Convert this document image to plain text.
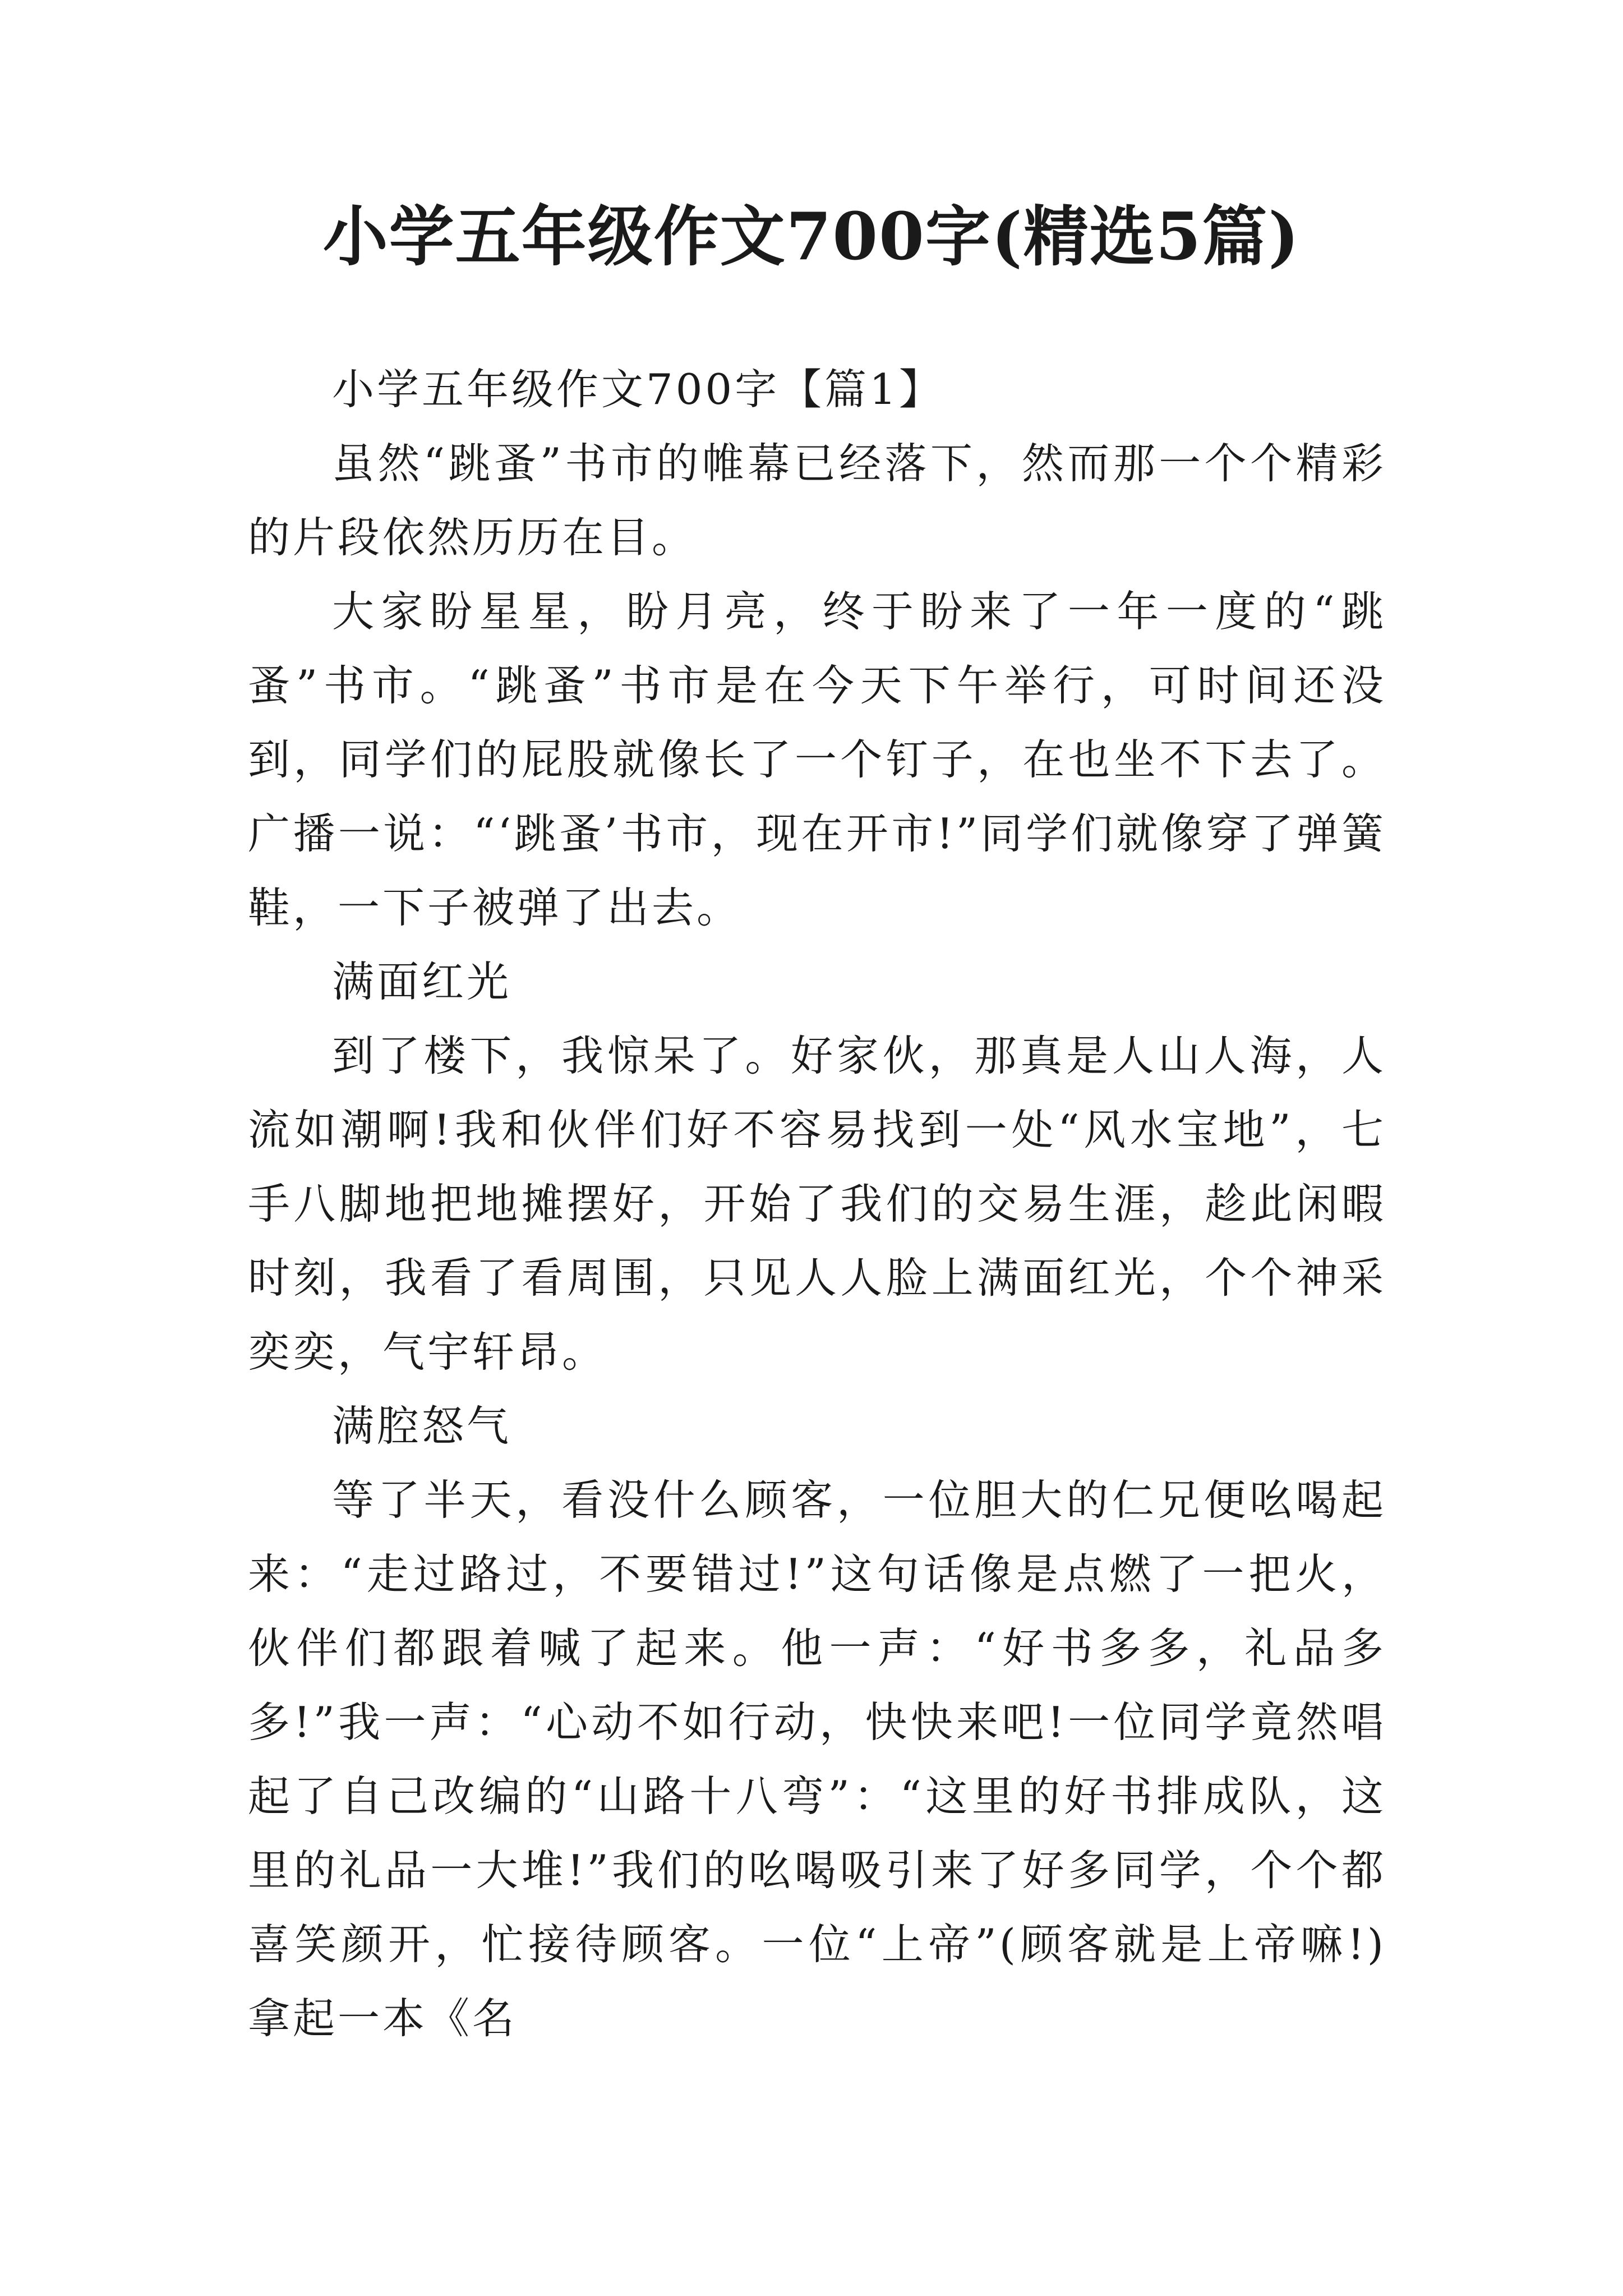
小学五年级作文700字(精选5篇)

小学五年级作文700字【篇1】

虽然“跳蚤”书市的帷幕已经落下，然而那一个个精彩的片段依然历历在目。

大家盼星星，盼月亮，终于盼来了一年一度的“跳蚤”书市。“跳蚤”书市是在今天下午举行，可时间还没到，同学们的屁股就像长了一个钉子，在也坐不下去了。广播一说：“‘跳蚤’书市，现在开市!”同学们就像穿了弹簧鞋，一下子被弹了出去。

满面红光

到了楼下，我惊呆了。好家伙，那真是人山人海，人流如潮啊!我和伙伴们好不容易找到一处“风水宝地”，七手八脚地把地摊摆好，开始了我们的交易生涯，趁此闲暇时刻，我看了看周围，只见人人脸上满面红光，个个神采奕奕，气宇轩昂。

满腔怒气

等了半天，看没什么顾客，一位胆大的仁兄便吆喝起来：“走过路过，不要错过!”这句话像是点燃了一把火，伙伴们都跟着喊了起来。他一声：“好书多多，礼品多多!”我一声：“心动不如行动，快快来吧!一位同学竟然唱起了自己改编的“山路十八弯”：“这里的好书排成队，这里的礼品一大堆!”我们的吆喝吸引来了好多同学，个个都喜笑颜开，忙接待顾客。一位“上帝”(顾客就是上帝嘛!)拿起一本《名
